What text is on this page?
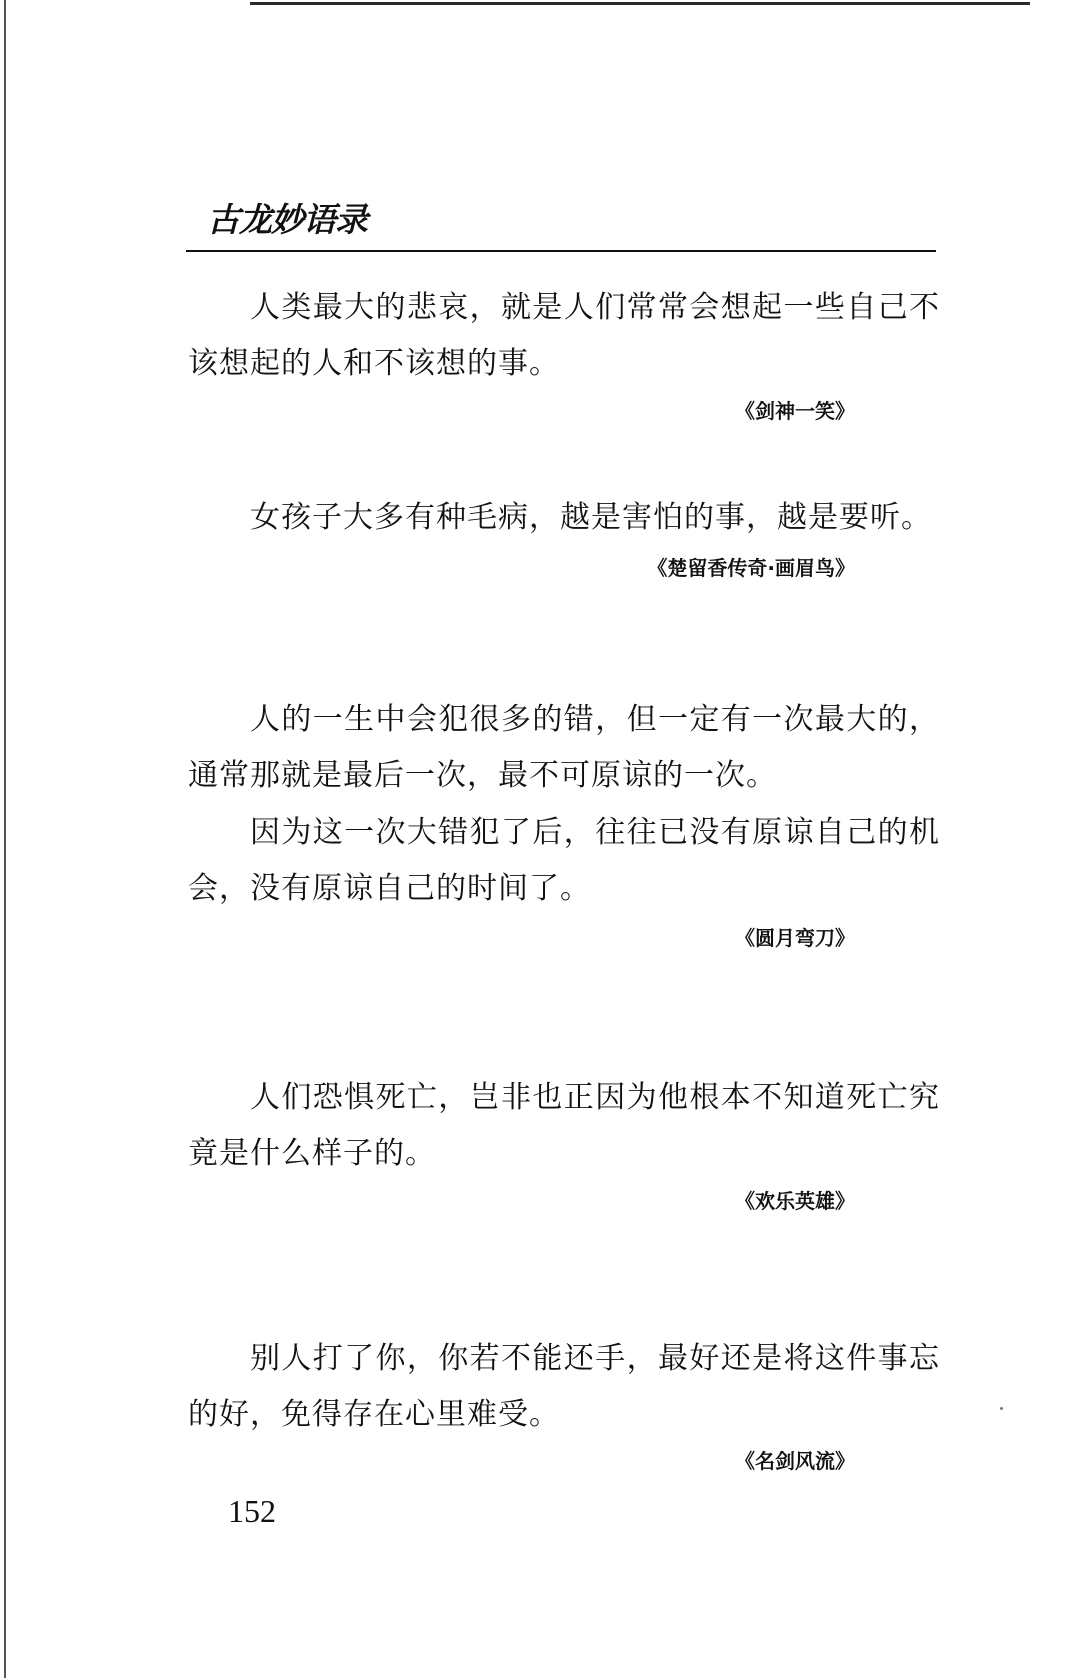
古龙妙语录

人类最大的悲哀，就是人们常常会想起一些自己不该想起的人和不该想的事。

《剑神一笑》

女孩子大多有种毛病，越是害怕的事，越是要听。

《楚留香传奇·画眉鸟》

人的一生中会犯很多的错，但一定有一次最大的，通常那就是最后一次，最不可原谅的一次。

因为这一次大错犯了后，往往已没有原谅自己的机会，没有原谅自己的时间了。

《圆月弯刀》

人们恐惧死亡，岂非也正因为他根本不知道死亡究竟是什么样子的。

《欢乐英雄》

别人打了你，你若不能还手，最好还是将这件事忘的好，免得存在心里难受。

《名剑风流》

152
